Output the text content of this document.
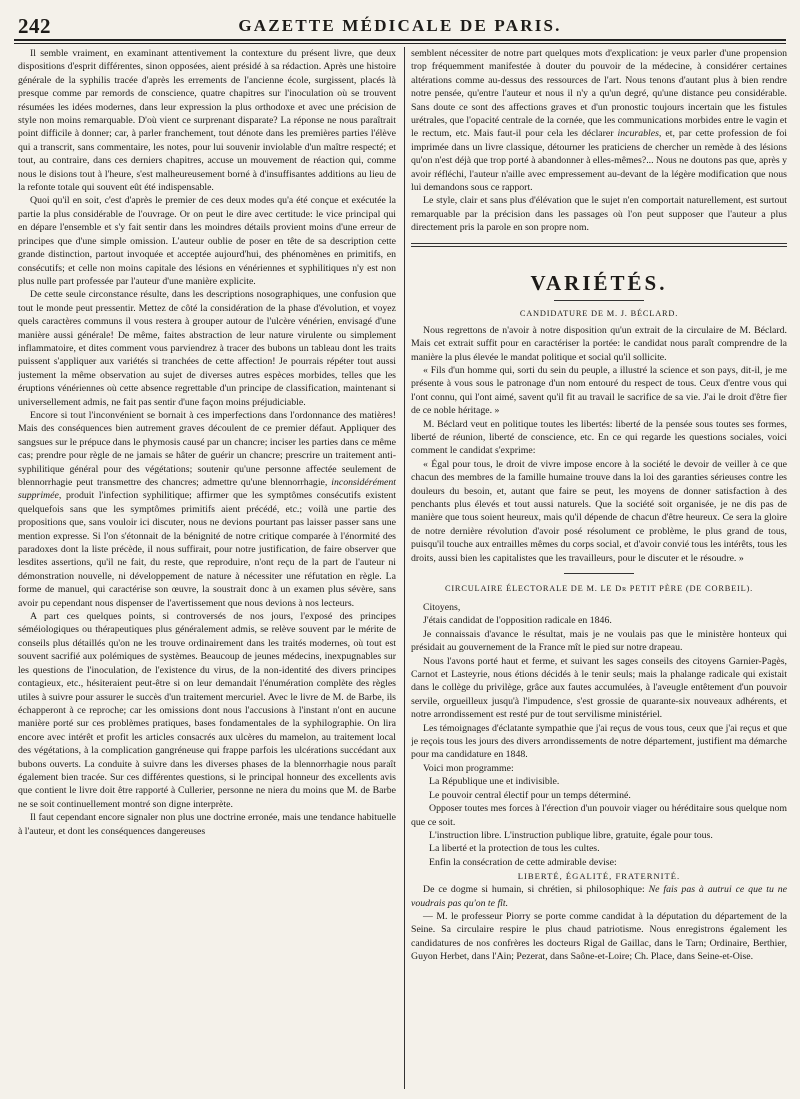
242	GAZETTE MÉDICALE DE PARIS.

Il semble vraiment, en examinant attentivement la contexture du présent livre, que deux dispositions d'esprit différentes, sinon opposées, aient présidé à sa rédaction. Après une histoire générale de la syphilis tracée d'après les errements de l'ancienne école, surgissent, placés là presque comme par remords de conscience, quatre chapitres sur l'inoculation où se trouvent résumées les idées modernes, dans leur expression la plus orthodoxe et avec une précision de style non moins remarquable. D'où vient ce surprenant disparate? La réponse ne nous paraîtrait point difficile à donner; car, à parler franchement, tout dénote dans les premières parties l'élève qui a transcrit, sans commentaire, les notes, pour lui souvenir inviolable d'un maître respecté; et tout, au contraire, dans ces derniers chapitres, accuse un mouvement de réaction qui, comme nous le disions tout à l'heure, s'est malheureusement borné à d'insuffisantes additions au lieu de la refonte totale qui souvent eût été indispensable.

Quoi qu'il en soit, c'est d'après le premier de ces deux modes qu'a été conçue et exécutée la partie la plus considérable de l'ouvrage. Or on peut le dire avec certitude: le vice principal qui en dépare l'ensemble et s'y fait sentir dans les moindres détails provient moins d'une erreur de principes que d'une simple omission. L'auteur oublie de poser en tête de sa description cette grande distinction, partout invoquée et acceptée aujourd'hui, des phénomènes en primitifs, en consécutifs; et celle non moins capitale des lésions en vénériennes et syphilitiques n'y est non plus nulle part professée par l'auteur d'une manière explicite.

De cette seule circonstance résulte, dans les descriptions nosographiques, une confusion que tout le monde peut pressentir. Mettez de côté la considération de la phase d'évolution, et voyez quels caractères communs il vous restera à grouper autour de l'ulcère vénérien, envisagé d'une manière aussi générale! De même, faites abstraction de leur nature virulente ou simplement inflammatoire, et dites comment vous parviendrez à tracer des bubons un tableau dont les traits puissent s'appliquer aux variétés si tranchées de cette affection! Je pourrais répéter tout aussi justement la même observation au sujet de diverses autres espèces morbides, telles que les éruptions vénériennes où cette absence regrettable d'un principe de classification, maintenant si universellement admis, ne fait pas sentir d'une façon moins préjudiciable.

Encore si tout l'inconvénient se bornait à ces imperfections dans l'ordonnance des matières! Mais des conséquences bien autrement graves découlent de ce premier défaut. Appliquer des sangsues sur le prépuce dans le phymosis causé par un chancre; inciser les parties dans ce même cas; prendre pour règle de ne jamais se hâter de guérir un chancre; prescrire un traitement anti-syphilitique général pour des végétations; soutenir qu'une personne affectée seulement de blennorrhagie peut transmettre des chancres; admettre qu'une blennorrhagie, inconsidérément supprimée, produit l'infection syphilitique; affirmer que les symptômes consécutifs existent quelquefois sans que les symptômes primitifs aient précédé, etc.; voilà une partie des propositions que, sans vouloir ici discuter, nous ne devions pourtant pas laisser passer sans une mention expresse. Si l'on s'étonnait de la bénignité de notre critique comparée à l'énormité des paradoxes dont la liste précède, il nous suffirait, pour notre justification, de faire observer que lesdites assertions, qu'il ne fait, du reste, que reproduire, n'ont reçu de la part de l'auteur ni démonstration nouvelle, ni développement de nature à nécessiter une réfutation en règle. La forme de manuel, qui caractérise son œuvre, la soustrait donc à un examen plus sévère, sans avoir pu cependant nous dispenser de l'avertissement que nous devions à nos lecteurs.

A part ces quelques points, si controversés de nos jours, l'exposé des principes séméiologiques ou thérapeutiques plus généralement admis, se relève souvent par le mérite de conseils plus détaillés qu'on ne les trouve ordinairement dans les traités modernes, où tout est souvent sacrifié aux polémiques de systèmes. Beaucoup de jeunes médecins, inexpugnables sur les questions de l'inoculation, de l'existence du virus, de la non-identité des divers principes contagieux, etc., hésiteraient peut-être si on leur demandait l'énumération complète des règles utiles à suivre pour assurer le succès d'un traitement mercuriel. Avec le livre de M. de Barbe, ils échapperont à ce reproche; car les omissions dont nous l'accusions à l'instant n'ont en aucune manière porté sur ces problèmes pratiques, bases fondamentales de la syphilographie. On lira encore avec intérêt et profit les articles consacrés aux ulcères du mamelon, au traitement local des végétations, à la complication gangréneuse qui frappe parfois les ulcérations succédant aux bubons ouverts. La conduite à suivre dans les diverses phases de la blennorrhagie nous paraît également bien tracée. Sur ces différentes questions, si le principal honneur des excellents avis que contient le livre doit être rapporté à Cullerier, personne ne niera du moins que M. de Barbe ne se soit continuellement montré son digne interprète.

Il faut cependant encore signaler non plus une doctrine erronée, mais une tendance habituelle à l'auteur, et dont les conséquences dangereuses

semblent nécessiter de notre part quelques mots d'explication: je veux parler d'une propension trop fréquemment manifestée à douter du pouvoir de la médecine, à considérer certaines altérations comme au-dessus des ressources de l'art. Nous tenons d'autant plus à bien rendre notre pensée, qu'entre l'auteur et nous il n'y a qu'un degré, qu'une distance peu considérable. Sans doute ce sont des affections graves et d'un pronostic toujours incertain que les fistules urétrales, que l'opacité centrale de la cornée, que les communications morbides entre le vagin et le rectum, etc. Mais faut-il pour cela les déclarer incurables, et, par cette profession de foi imprimée dans un livre classique, détourner les praticiens de chercher un remède à des lésions qu'on n'est déjà que trop porté à abandonner à elles-mêmes?... Nous ne doutons pas que, après y avoir réfléchi, l'auteur n'aille avec empressement au-devant de la légère modification que nous lui demandons sous ce rapport.

Le style, clair et sans plus d'élévation que le sujet n'en comportait naturellement, est surtout remarquable par la précision dans les passages où l'on peut supposer que l'auteur a plus directement pris la parole en son propre nom.

VARIÉTÉS.
CANDIDATURE DE M. J. BÉCLARD.

Nous regrettons de n'avoir à notre disposition qu'un extrait de la circulaire de M. Béclard. Mais cet extrait suffit pour en caractériser la portée: le candidat nous paraît comprendre de la manière la plus élevée le mandat politique et social qu'il sollicite.

« Fils d'un homme qui, sorti du sein du peuple, a illustré la science et son pays, dit-il, je me présente à vous sous le patronage d'un nom entouré du respect de tous. Ceux d'entre vous qui l'ont connu, qui l'ont aimé, savent qu'il fit au travail le sacrifice de sa vie. J'ai le droit d'être fier de ce noble héritage. »

M. Béclard veut en politique toutes les libertés: liberté de la pensée sous toutes ses formes, liberté de réunion, liberté de conscience, etc. En ce qui regarde les questions sociales, voici comment le candidat s'exprime:

« Égal pour tous, le droit de vivre impose encore à la société le devoir de veiller à ce que chacun des membres de la famille humaine trouve dans la loi des garanties sérieuses contre les douleurs du besoin, et, autant que faire se peut, les moyens de donner satisfaction à des penchants plus élevés et tout aussi naturels. Que la société soit organisée, je ne dis pas de manière que tous soient heureux, mais qu'il dépende de chacun d'être heureux. Ce sera la gloire de notre dernière révolution d'avoir posé résolument ce problème, le plus grand de tous, puisqu'il touche aux entrailles mêmes du corps social, et d'avoir convié tous les intérêts, tous les droits, aussi bien les capitalistes que les travailleurs, pour le discuter et le résoudre. »

CIRCULAIRE ÉLECTORALE DE M. LE Dr PETIT PÈRE (DE CORBEIL).

Citoyens,

J'étais candidat de l'opposition radicale en 1846.

Je connaissais d'avance le résultat, mais je ne voulais pas que le ministère honteux qui présidait au gouvernement de la France mît le pied sur notre drapeau.

Nous l'avons porté haut et ferme, et suivant les sages conseils des citoyens Garnier-Pagès, Carnot et Lasteyrie, nous étions décidés à le tenir seuls; mais la phalange radicale qui existait dans le collège du privilège, grâce aux fautes accumulées, à l'aveugle entêtement d'un pouvoir servile, orgueilleux jusqu'à l'impudence, s'est grossie de quarante-six nouveaux adhérents, et notre arrondissement est resté pur de tout servilisme ministériel.

Les témoignages d'éclatante sympathie que j'ai reçus de vous tous, ceux que j'ai reçus et que je reçois tous les jours des divers arrondissements de notre département, justifient ma démarche pour ma candidature en 1848.

Voici mon programme:

La République une et indivisible.

Le pouvoir central électif pour un temps déterminé.

Opposer toutes mes forces à l'érection d'un pouvoir viager ou héréditaire sous quelque nom que ce soit.

L'instruction libre. L'instruction publique libre, gratuite, égale pour tous.

La liberté et la protection de tous les cultes.

Enfin la consécration de cette admirable devise:

LIBERTÉ, ÉGALITÉ, FRATERNITÉ.

De ce dogme si humain, si chrétien, si philosophique: Ne fais pas à autrui ce que tu ne voudrais pas qu'on te fît.

— M. le professeur Piorry se porte comme candidat à la députation du département de la Seine. Sa circulaire respire le plus chaud patriotisme. Nous enregistrons également les candidatures de nos confrères les docteurs Rigal de Gaillac, dans le Tarn; Ordinaire, Berthier, Guyon Herbet, dans l'Ain; Pezerat, dans Saône-et-Loire; Ch. Place, dans Seine-et-Oise.
